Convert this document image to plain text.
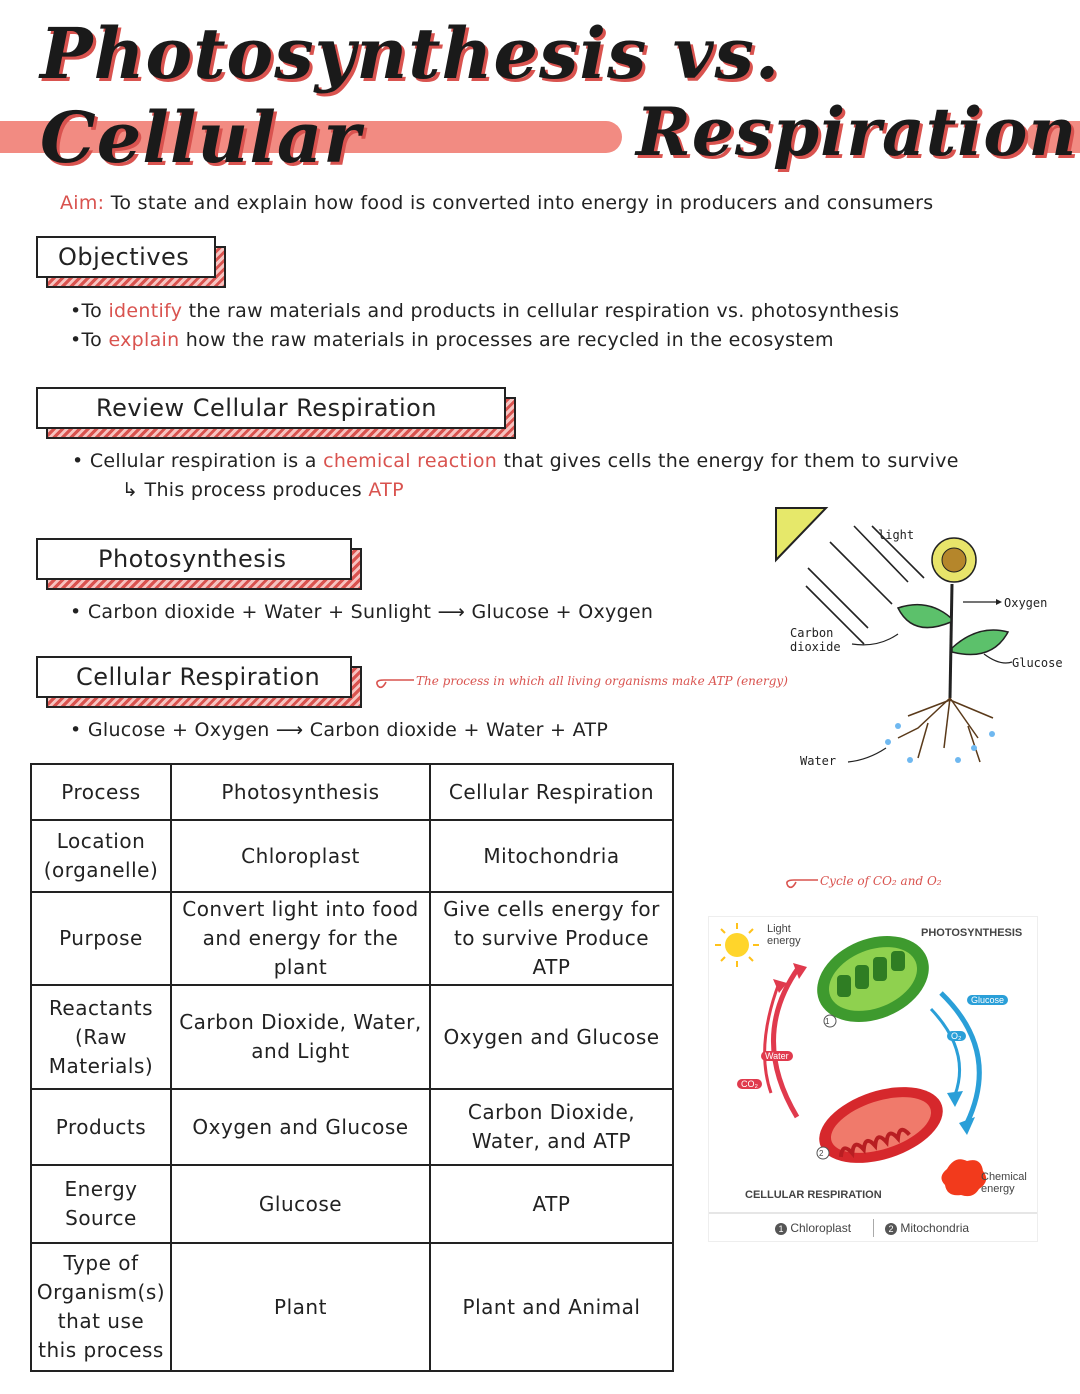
Photosynthesis vs. Cellular	Respiration
Aim: To state and explain how food is converted into energy in producers and consumers
Objectives
•To identify the raw materials and products in cellular respiration vs. photosynthesis
•To explain how the raw materials in processes are recycled in the ecosystem
Review Cellular Respiration
• Cellular respiration is a chemical reaction that gives cells the energy for them to survive
↳ This process produces ATP
Photosynthesis
• Carbon dioxide + Water + Sunlight ⟶ Glucose + Oxygen
Cellular Respiration	The process in which all living organisms make ATP (energy)
• Glucose + Oxygen ⟶ Carbon dioxide + Water + ATP
light
Oxygen
Carbon dioxide
Glucose
Water
Cycle of CO₂ and O₂
Light energy
PHOTOSYNTHESIS
Glucose
O₂
Water
CO₂
1
2
CELLULAR RESPIRATION
Chemical energy
1 Chloroplast	2 Mitochondria
Process	Photosynthesis	Cellular Respiration
Location (organelle)	Chloroplast	Mitochondria
Purpose	Convert light into food and energy for the plant	Give cells energy for to survive Produce ATP
Reactants (Raw Materials)	Carbon Dioxide, Water, and Light	Oxygen and Glucose
Products	Oxygen and Glucose	Carbon Dioxide, Water, and ATP
Energy Source	Glucose	ATP
Type of Organism(s) that use this process	Plant	Plant and Animal
